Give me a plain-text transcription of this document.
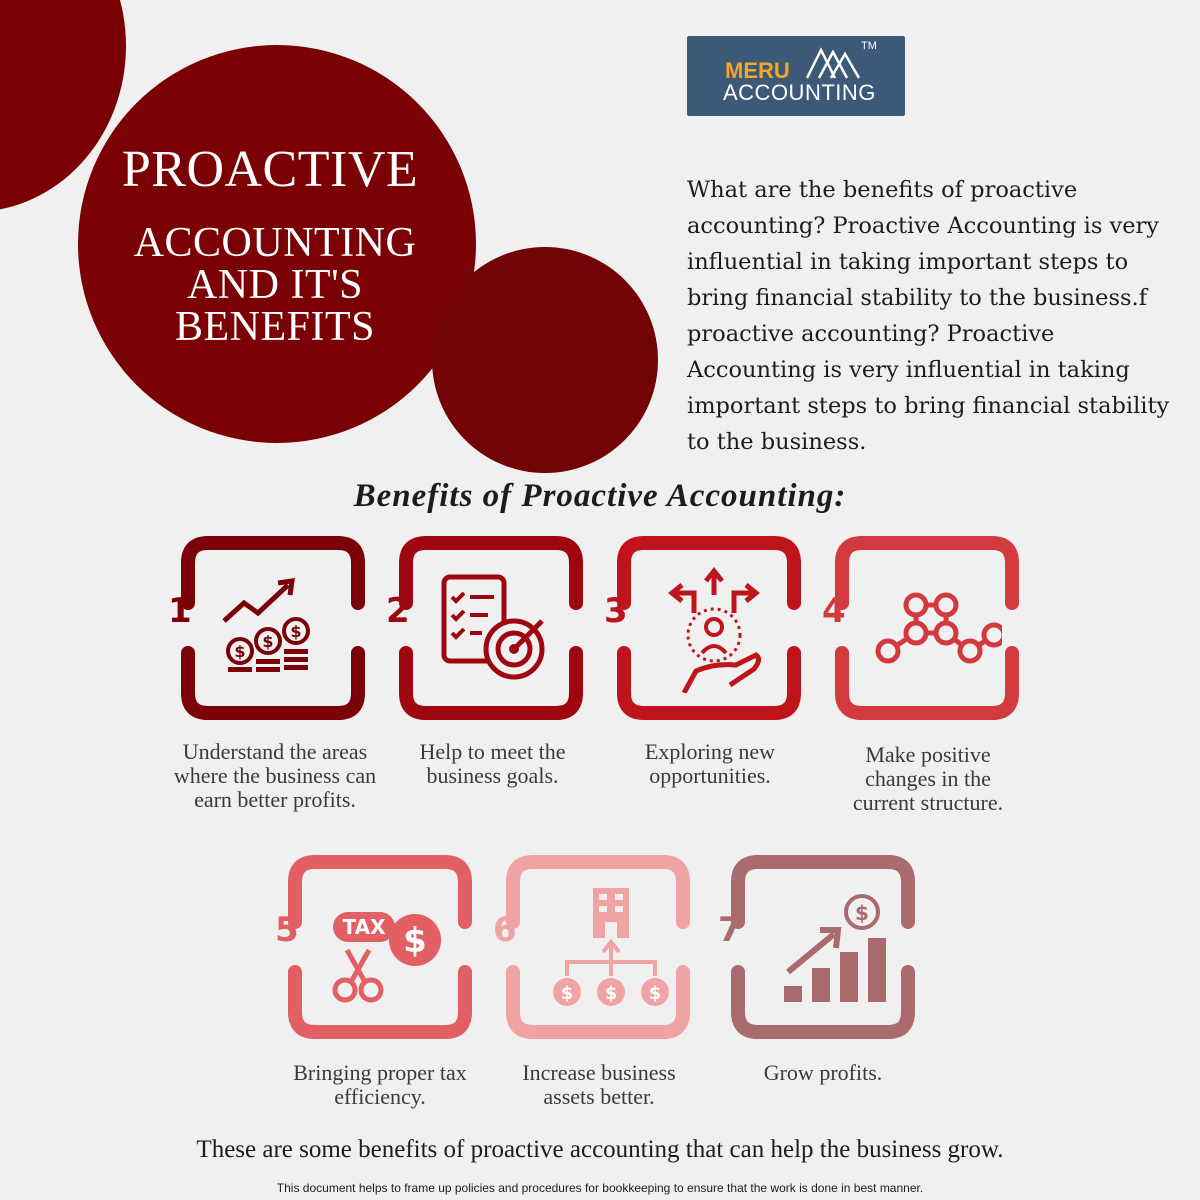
PROACTIVE
ACCOUNTING AND IT'S BENEFITS
MERU
TM
ACCOUNTING
What are the benefits of proactive accounting? Proactive Accounting is very influential in taking important steps to bring financial stability to the business.f proactive accounting? Proactive Accounting is very influential in taking important steps to bring financial stability to the business.
Benefits of Proactive Accounting:
$
$
$
1	2	3	4
TAX $
5
$ $ $
6	$
7
Understand the areas where the business can earn better profits.
Help to meet the business goals.
Exploring new opportunities.
Make positive changes in the current structure.
Bringing proper tax efficiency.
Increase business assets better.
Grow profits.
These are some benefits of proactive accounting that can help the business grow.
This document helps to frame up policies and procedures for bookkeeping to ensure that the work is done in best manner.
